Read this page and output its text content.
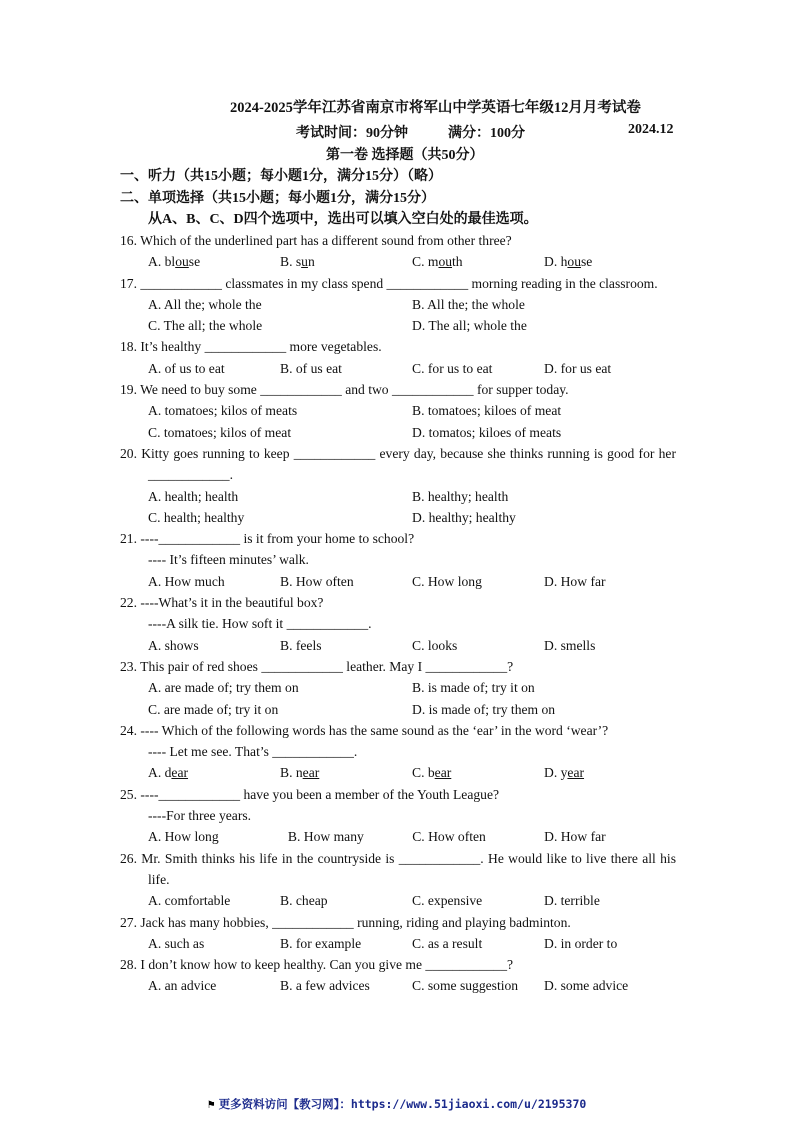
2024-2025学年江苏省南京市将军山中学英语七年级12月月考试卷
考试时间：90分钟	满分：100分	2024.12
第一卷 选择题（共50分）
一、听力（共15小题；每小题1分，满分15分）（略）
二、单项选择（共15小题；每小题1分，满分15分）
从A、B、C、D四个选项中，选出可以填入空白处的最佳选项。
16. Which of the underlined part has a different sound from other three?
A. blouse	B. sun	C. mouth	D. house
17. ____________ classmates in my class spend ____________ morning reading in the classroom.
A. All the; whole the	B. All the; the whole
C. The all; the whole	D. The all; whole the
18. It’s healthy ____________ more vegetables.
A. of us to eat	B. of us eat	C. for us to eat	D. for us eat
19. We need to buy some ____________ and two ____________ for supper today.
A. tomatoes; kilos of meats	B. tomatoes; kiloes of meat
C. tomatoes; kilos of meat	D. tomatos; kiloes of meats
20. Kitty goes running to keep ____________ every day, because she thinks running is good for her ____________.
A. health; health	B. healthy; health
C. health; healthy	D. healthy; healthy
21. ----____________ is it from your home to school?
---- It’s fifteen minutes’ walk.
A. How much	B. How often	C. How long	D. How far
22. ----What’s it in the beautiful box?
----A silk tie. How soft it ____________.
A. shows	B. feels	C. looks	D. smells
23. This pair of red shoes ____________ leather. May I ____________?
A. are made of; try them on	B. is made of; try it on
C. are made of; try it on	D. is made of; try them on
24. ---- Which of the following words has the same sound as the ‘ear’ in the word ‘wear’?
---- Let me see. That’s ____________.
A. dear	B. near	C. bear	D. year
25. ----____________ have you been a member of the Youth League?
----For three years.
A. How long	B. How many	C. How often	D. How far
26. Mr. Smith thinks his life in the countryside is ____________. He would like to live there all his life.
A. comfortable	B. cheap	C. expensive	D. terrible
27. Jack has many hobbies, ____________ running, riding and playing badminton.
A. such as	B. for example	C. as a result	D. in order to
28. I don’t know how to keep healthy. Can you give me ____________?
A. an advice	B. a few advices	C. some suggestion	D. some advice
⚑ 更多资料访问【教习网】：https://www.51jiaoxi.com/u/2195370
